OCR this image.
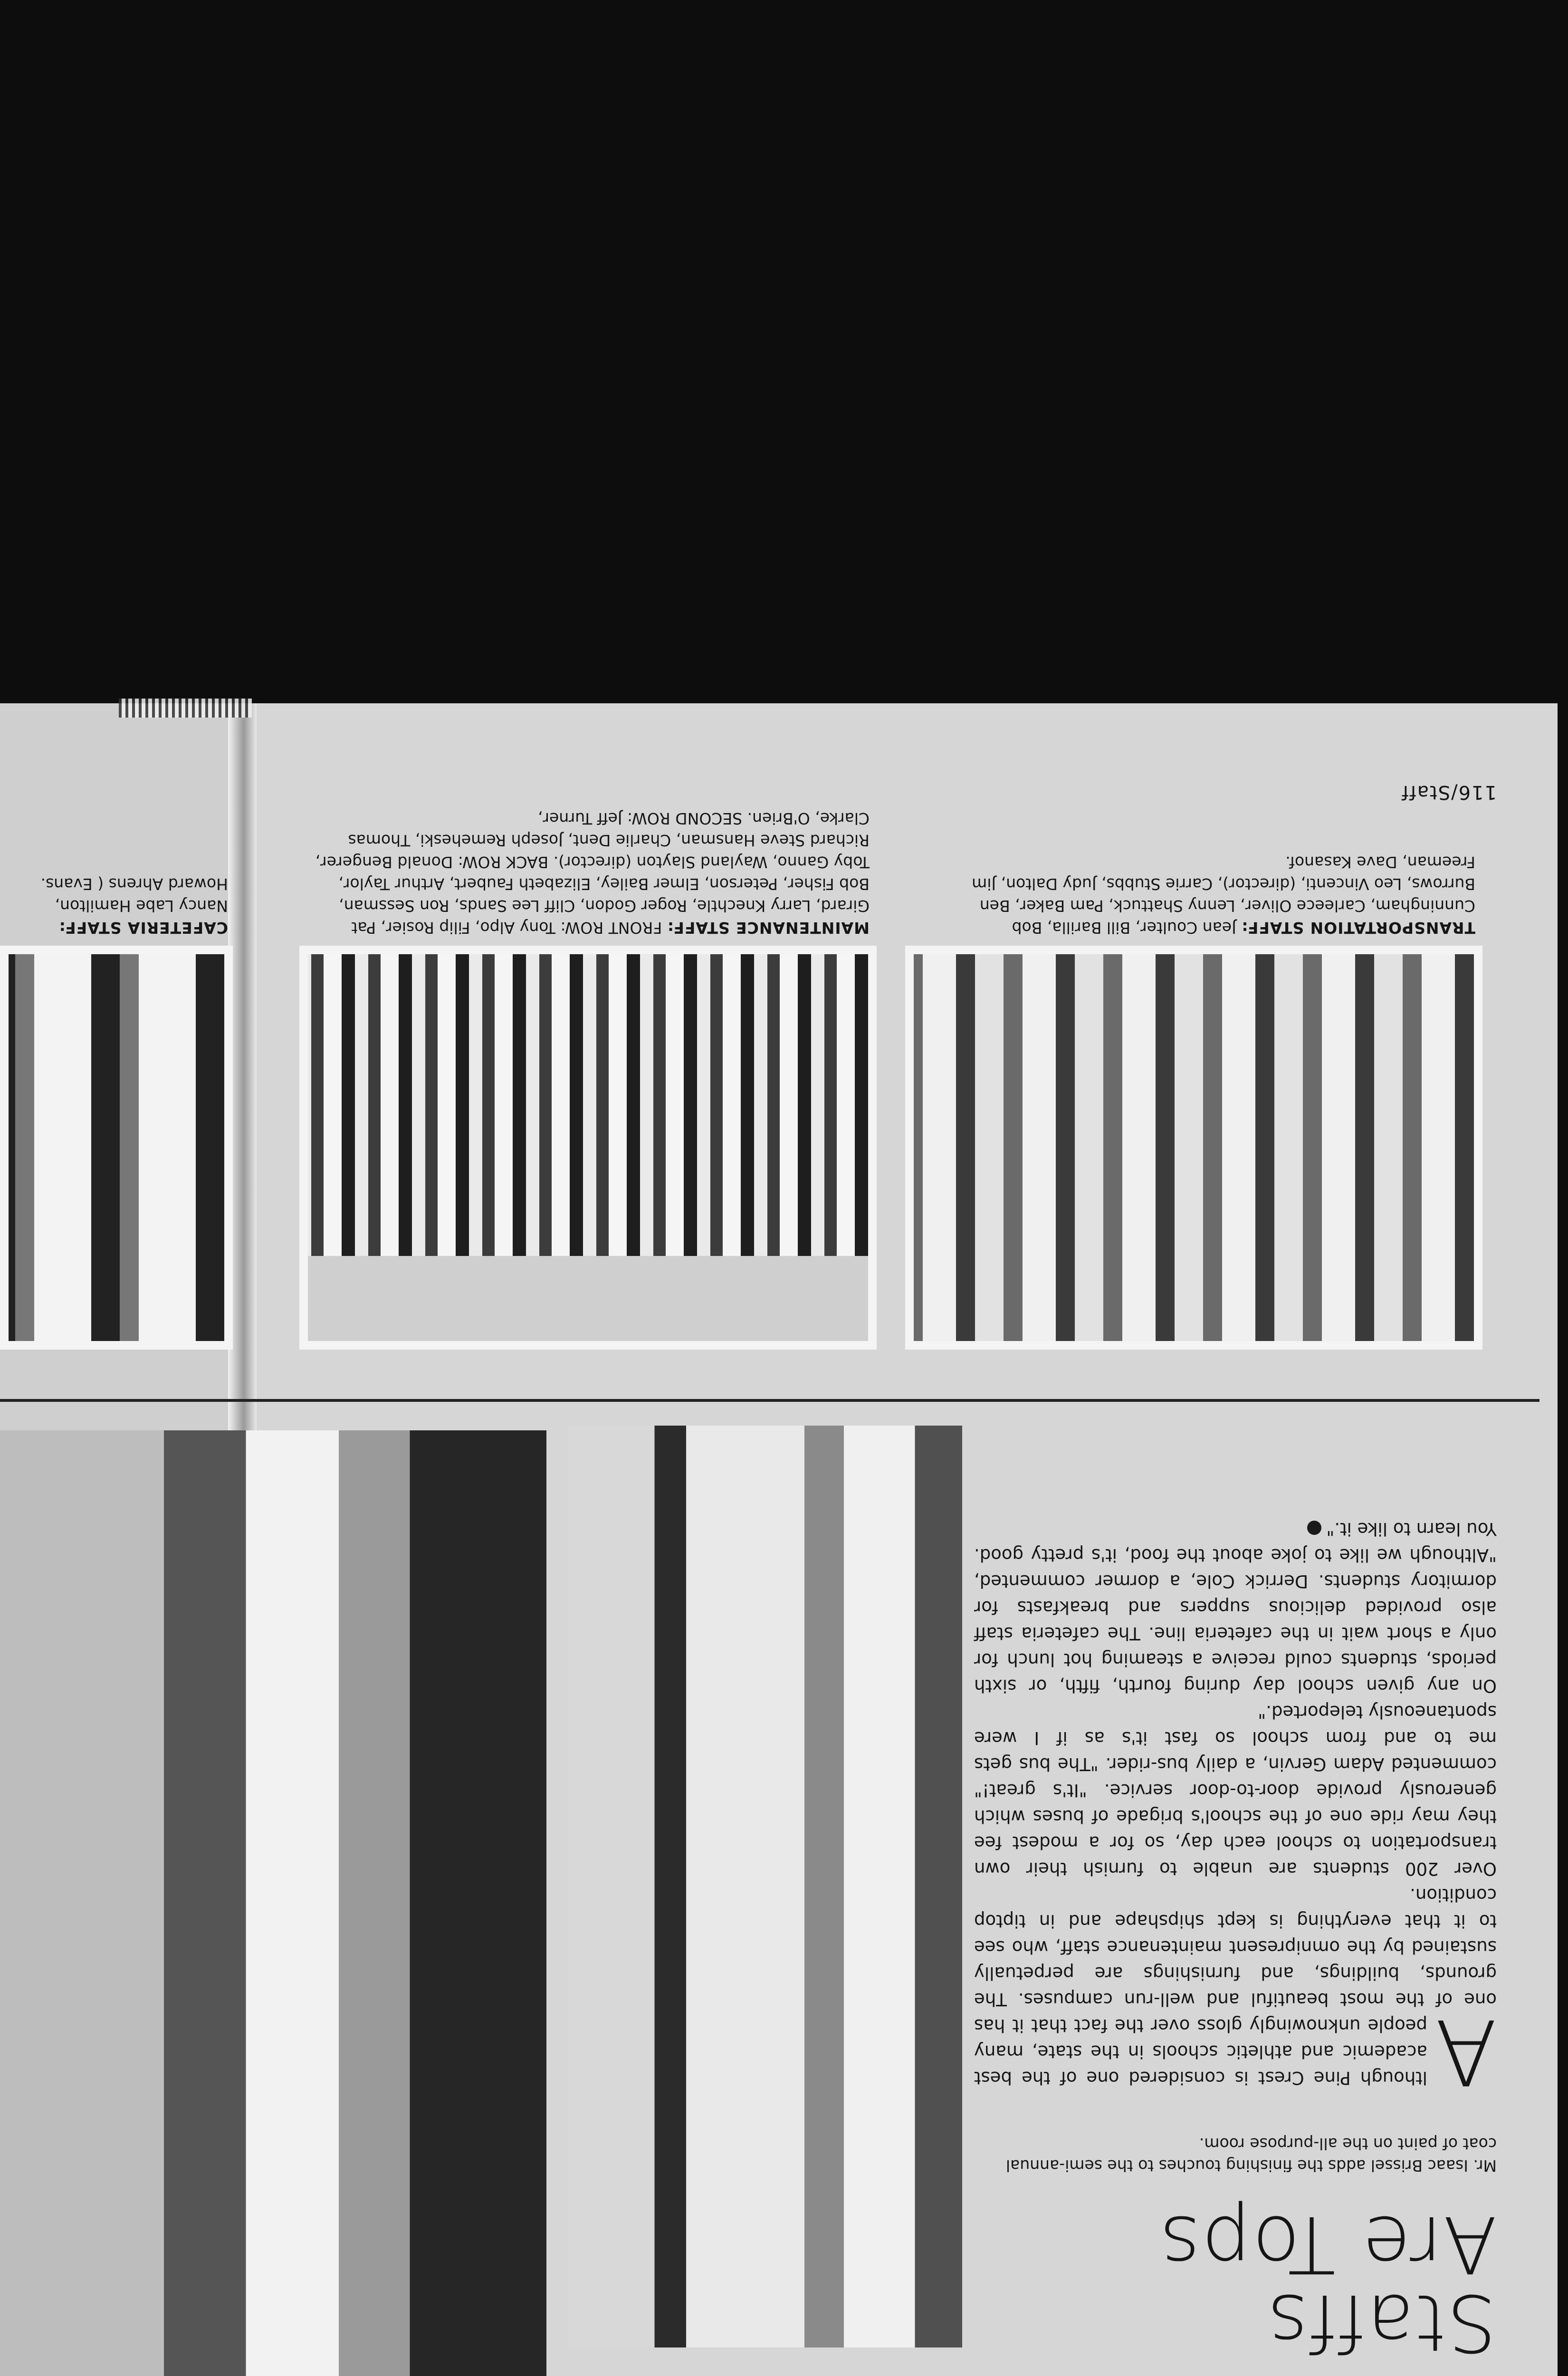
116/Staff
TRANSPORTATION STAFF: Jean Coulter, Bill Barilla, Bob Cunningham, Carleece Oliver, Lenny Shattuck, Pam Baker, Ben Burrows, Leo Vincenti, (director), Carrie Stubbs, Judy Dalton, Jim Freeman, Dave Kasanof.
MAINTENANCE STAFF: FRONT ROW: Tony Alpo, Filip Rosier, Pat Girard, Larry Knechtle, Roger Godon, Cliff Lee Sands, Ron Sessman, Bob Fisher, Peterson, Elmer Bailey, Elizabeth Faubert, Arthur Taylor, Toby Ganno, Wayland Slayton (director). BACK ROW: Donald Bengerer, Richard Steve Hansman, Charlie Dent, Joseph Remeheski, Thomas Clarke, O'Brien. SECOND ROW: Jeff Turner,
CAFETERIA STAFF: Nancy Labe Hamilton, Howard Ahrens ( Evans.
Staffs
Are Tops
Mr. Isaac Brissel adds the finishing touches to the semi-annual coat of paint on the all-purpose room.

A
lthough Pine Crest is considered one of the best academic and athletic schools in the state, many people unknowingly gloss over the fact that it has one of the most beautiful and well-run campuses. The grounds, buildings, and furnishings are perpetually sustained by the omnipresent maintenance staff, who see to it that everything is kept shipshape and in tiptop condition.

Over 200 students are unable to furnish their own transportation to school each day, so for a modest fee they may ride one of the school's brigade of buses which generously provide door-to-door service. "It's great!" commented Adam Gervin, a daily bus-rider. "The bus gets me to and from school so fast it's as if I were spontaneously teleported."

On any given school day during fourth, fifth, or sixth periods, students could receive a steaming hot lunch for only a short wait in the cafeteria line. The cafeteria staff also provided delicious suppers and breakfasts for dormitory students. Derrick Cole, a dormer commented, "Although we like to joke about the food, it's pretty good. You learn to like it."
